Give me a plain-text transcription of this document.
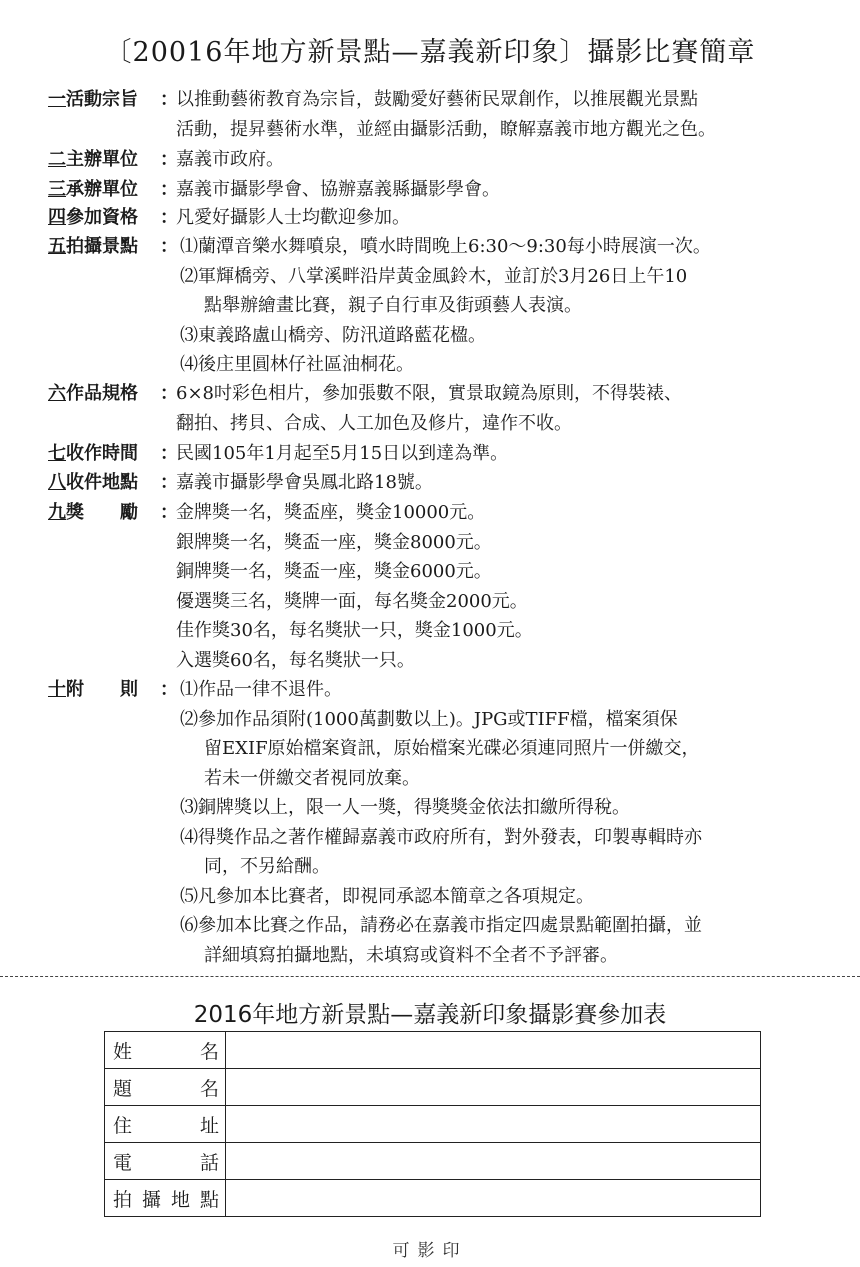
〔20016年地方新景點—嘉義新印象〕攝影比賽簡章
一活動宗旨	：
以推動藝術教育為宗旨，鼓勵愛好藝術民眾創作，以推展觀光景點
活動，提昇藝術水準，並經由攝影活動，瞭解嘉義市地方觀光之色。
二主辦單位	：
嘉義市政府。
三承辦單位	：
嘉義市攝影學會、協辦嘉義縣攝影學會。
四參加資格	：
凡愛好攝影人士均歡迎參加。
五拍攝景點	： ⑴蘭潭音樂水舞噴泉，噴水時間晚上6:30～9:30每小時展演一次。
⑵軍輝橋旁、八掌溪畔沿岸黃金風鈴木，並訂於3月26日上午10
點舉辦繪畫比賽，親子自行車及街頭藝人表演。
⑶東義路盧山橋旁、防汛道路藍花楹。
⑷後庄里圓林仔社區油桐花。
六作品規格	：
6×8吋彩色相片，參加張數不限，實景取鏡為原則，不得裝裱、
翻拍、拷貝、合成、人工加色及修片，違作不收。
七收作時間	：
民國105年1月起至5月15日以到達為準。
八收件地點	：
嘉義市攝影學會吳鳳北路18號。
九獎　　勵	：
金牌獎一名，獎盃座，獎金10000元。
銀牌獎一名，獎盃一座，獎金8000元。
銅牌獎一名，獎盃一座，獎金6000元。
優選獎三名，獎牌一面，每名獎金2000元。
佳作獎30名，每名獎狀一只，獎金1000元。
入選獎60名，每名獎狀一只。
十附　　則	： ⑴作品一律不退件。
⑵參加作品須附(1000萬劃數以上)。JPG或TIFF檔，檔案須保
留EXIF原始檔案資訊，原始檔案光碟必須連同照片一併繳交，
若未一併繳交者視同放棄。
⑶銅牌獎以上，限一人一獎，得獎獎金依法扣繳所得稅。
⑷得獎作品之著作權歸嘉義市政府所有，對外發表，印製專輯時亦
同，不另給酬。
⑸凡參加本比賽者，即視同承認本簡章之各項規定。
⑹參加本比賽之作品，請務必在嘉義市指定四處景點範圍拍攝，並
詳細填寫拍攝地點，未填寫或資料不全者不予評審。
2016年地方新景點—嘉義新印象攝影賽參加表
姓　名	
題　名	
住　址	
電　話	
拍攝地點	
可影印
